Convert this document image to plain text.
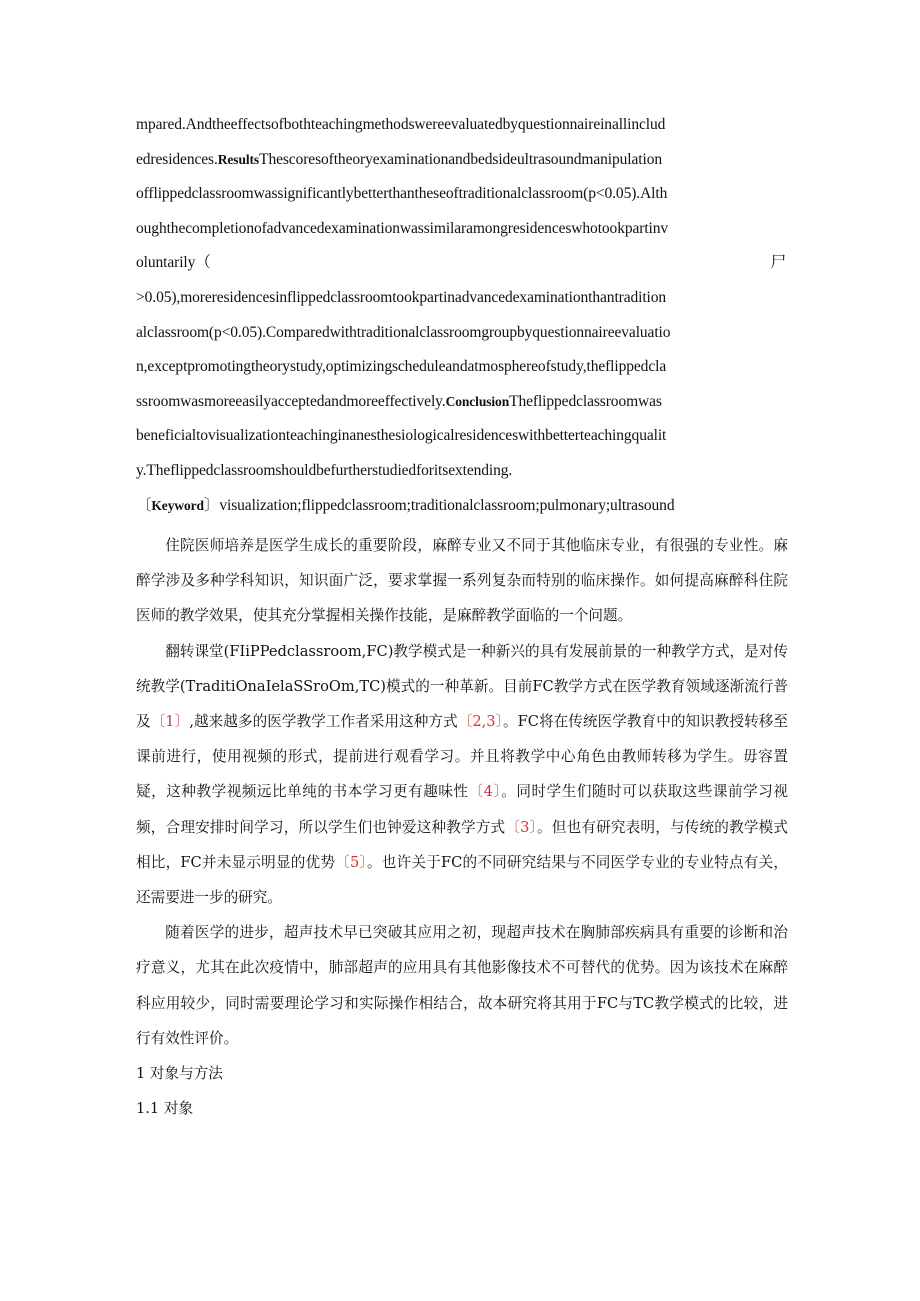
mpared.Andtheeffectsofbothteachingmethodswereevaluatedbyquestionnaireinallinclud
edresidences.ResultsThescoresoftheoryexaminationandbedsideultrasoundmanipulation
offlippedclassroomwassignificantlybetterthantheseoftraditionalclassroom(p<0.05).Alth
oughthecompletionofadvancedexaminationwassimilaramongresidenceswhotookpartinv
oluntarily（	尸
>0.05),moreresidencesinflippedclassroomtookpartinadvancedexaminationthantradition
alclassroom(p<0.05).Comparedwithtraditionalclassroomgroupbyquestionnaireevaluatio
n,exceptpromotingtheorystudy,optimizingscheduleandatmosphereofstudy,theflippedcla
ssroomwasmoreeasilyacceptedandmoreeffectively.ConclusionTheflippedclassroomwas
beneficialtovisualizationteachinginanesthesiologicalresidenceswithbetterteachingqualit
y.Theflippedclassroomshouldbefurtherstudiedforitsextending.
〔Keyword〕visualization;flippedclassroom;traditionalclassroom;pulmonary;ultrasound

住院医师培养是医学生成长的重要阶段，麻醉专业又不同于其他临床专业，有很强的专业性。麻醉学涉及多种学科知识，知识面广泛，要求掌握一系列复杂而特别的临床操作。如何提高麻醉科住院医师的教学效果，使其充分掌握相关操作技能，是麻醉教学面临的一个问题。

翻转课堂(FIiPPedclassroom,FC)教学模式是一种新兴的具有发展前景的一种教学方式，是对传统教学(TraditiOnaIelaSSroOm,TC)模式的一种革新。目前FC教学方式在医学教育领域逐渐流行普及〔1〕,越来越多的医学教学工作者采用这种方式〔2,3〕。FC将在传统医学教育中的知识教授转移至课前进行，使用视频的形式，提前进行观看学习。并且将教学中心角色由教师转移为学生。毋容置疑，这种教学视频远比单纯的书本学习更有趣味性〔4〕。同时学生们随时可以获取这些课前学习视频，合理安排时间学习，所以学生们也钟爱这种教学方式〔3〕。但也有研究表明，与传统的教学模式相比，FC并未显示明显的优势〔5〕。也许关于FC的不同研究结果与不同医学专业的专业特点有关，还需要进一步的研究。

随着医学的进步，超声技术早已突破其应用之初，现超声技术在胸肺部疾病具有重要的诊断和治疗意义，尤其在此次疫情中，肺部超声的应用具有其他影像技术不可替代的优势。因为该技术在麻醉科应用较少，同时需要理论学习和实际操作相结合，故本研究将其用于FC与TC教学模式的比较，进行有效性评价。

1 对象与方法

1.1 对象
